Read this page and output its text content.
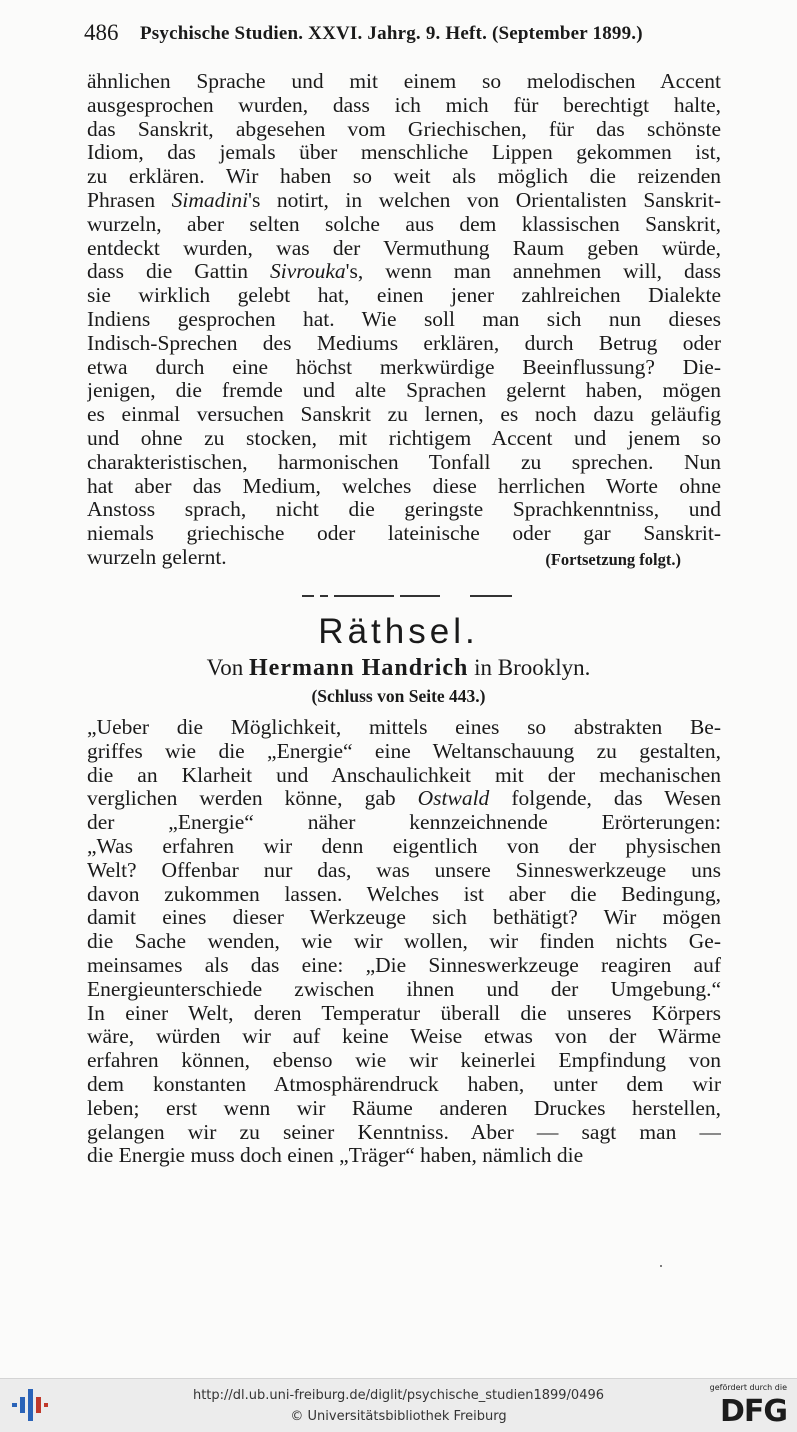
486 Psychische Studien. XXVI. Jahrg. 9. Heft. (September 1899.)
ähnlichen Sprache und mit einem so melodischen Accent
ausgesprochen wurden, dass ich mich für berechtigt halte,
das Sanskrit, abgesehen vom Griechischen, für das schönste
Idiom, das jemals über menschliche Lippen gekommen ist,
zu erklären. Wir haben so weit als möglich die reizenden
Phrasen Simadini's notirt, in welchen von Orientalisten Sanskrit-
wurzeln, aber selten solche aus dem klassischen Sanskrit,
entdeckt wurden, was der Vermuthung Raum geben würde,
dass die Gattin Sivrouka's, wenn man annehmen will, dass
sie wirklich gelebt hat, einen jener zahlreichen Dialekte
Indiens gesprochen hat. Wie soll man sich nun dieses
Indisch-Sprechen des Mediums erklären, durch Betrug oder
etwa durch eine höchst merkwürdige Beeinflussung? Die-
jenigen, die fremde und alte Sprachen gelernt haben, mögen
es einmal versuchen Sanskrit zu lernen, es noch dazu geläufig
und ohne zu stocken, mit richtigem Accent und jenem so
charakteristischen, harmonischen Tonfall zu sprechen. Nun
hat aber das Medium, welches diese herrlichen Worte ohne
Anstoss sprach, nicht die geringste Sprachkenntniss, und
niemals griechische oder lateinische oder gar Sanskrit-
wurzeln gelernt.	(Fortsetzung folgt.)
Räthsel.
Von Hermann Handrich in Brooklyn.
(Schluss von Seite 443.)
„Ueber die Möglichkeit, mittels eines so abstrakten Be-
griffes wie die „Energie“ eine Weltanschauung zu gestalten,
die an Klarheit und Anschaulichkeit mit der mechanischen
verglichen werden könne, gab Ostwald folgende, das Wesen
der „Energie“ näher kennzeichnende Erörterungen:
„Was erfahren wir denn eigentlich von der physischen
Welt? Offenbar nur das, was unsere Sinneswerkzeuge uns
davon zukommen lassen. Welches ist aber die Bedingung,
damit eines dieser Werkzeuge sich bethätigt? Wir mögen
die Sache wenden, wie wir wollen, wir finden nichts Ge-
meinsames als das eine: „Die Sinneswerkzeuge reagiren auf
Energieunterschiede zwischen ihnen und der Umgebung.“
In einer Welt, deren Temperatur überall die unseres Körpers
wäre, würden wir auf keine Weise etwas von der Wärme
erfahren können, ebenso wie wir keinerlei Empfindung von
dem konstanten Atmosphärendruck haben, unter dem wir
leben; erst wenn wir Räume anderen Druckes herstellen,
gelangen wir zu seiner Kenntniss. Aber — sagt man —
die Energie muss doch einen „Träger“ haben, nämlich die
http://dl.ub.uni-freiburg.de/diglit/psychische_studien1899/0496
© Universitätsbibliothek Freiburg
gefördert durch die
DFG
